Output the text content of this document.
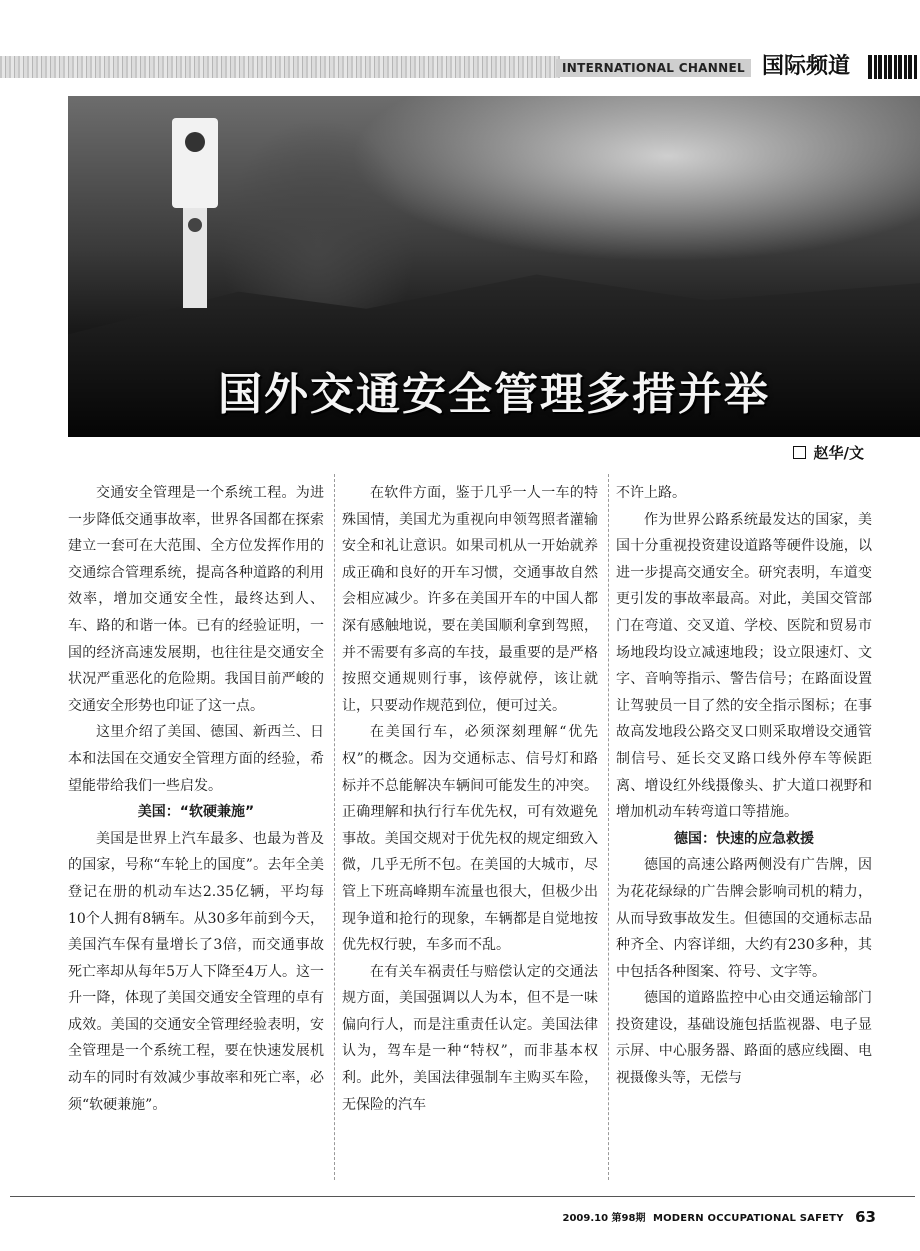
INTERNATIONAL CHANNEL 国际频道
国外交通安全管理多措并举
赵华/文

交通安全管理是一个系统工程。为进一步降低交通事故率，世界各国都在探索建立一套可在大范围、全方位发挥作用的交通综合管理系统，提高各种道路的利用效率，增加交通安全性，最终达到人、车、路的和谐一体。已有的经验证明，一国的经济高速发展期，也往往是交通安全状况严重恶化的危险期。我国目前严峻的交通安全形势也印证了这一点。

这里介绍了美国、德国、新西兰、日本和法国在交通安全管理方面的经验，希望能带给我们一些启发。

美国：“软硬兼施”

美国是世界上汽车最多、也最为普及的国家，号称“车轮上的国度”。去年全美登记在册的机动车达2.35亿辆，平均每10个人拥有8辆车。从30多年前到今天，美国汽车保有量增长了3倍，而交通事故死亡率却从每年5万人下降至4万人。这一升一降，体现了美国交通安全管理的卓有成效。美国的交通安全管理经验表明，安全管理是一个系统工程，要在快速发展机动车的同时有效减少事故率和死亡率，必须“软硬兼施”。

在软件方面，鉴于几乎一人一车的特殊国情，美国尤为重视向申领驾照者灌输安全和礼让意识。如果司机从一开始就养成正确和良好的开车习惯，交通事故自然会相应减少。许多在美国开车的中国人都深有感触地说，要在美国顺利拿到驾照，并不需要有多高的车技，最重要的是严格按照交通规则行事，该停就停，该让就让，只要动作规范到位，便可过关。

在美国行车，必须深刻理解“优先权”的概念。因为交通标志、信号灯和路标并不总能解决车辆间可能发生的冲突。正确理解和执行行车优先权，可有效避免事故。美国交规对于优先权的规定细致入微，几乎无所不包。在美国的大城市，尽管上下班高峰期车流量也很大，但极少出现争道和抢行的现象，车辆都是自觉地按优先权行驶，车多而不乱。

在有关车祸责任与赔偿认定的交通法规方面，美国强调以人为本，但不是一味偏向行人，而是注重责任认定。美国法律认为，驾车是一种“特权”，而非基本权利。此外，美国法律强制车主购买车险，无保险的汽车

不许上路。

作为世界公路系统最发达的国家，美国十分重视投资建设道路等硬件设施，以进一步提高交通安全。研究表明，车道变更引发的事故率最高。对此，美国交管部门在弯道、交叉道、学校、医院和贸易市场地段均设立减速地段；设立限速灯、文字、音响等指示、警告信号；在路面设置让驾驶员一目了然的安全指示图标；在事故高发地段公路交叉口则采取增设交通管制信号、延长交叉路口线外停车等候距离、增设红外线摄像头、扩大道口视野和增加机动车转弯道口等措施。

德国：快速的应急救援

德国的高速公路两侧没有广告牌，因为花花绿绿的广告牌会影响司机的精力，从而导致事故发生。但德国的交通标志品种齐全、内容详细，大约有230多种，其中包括各种图案、符号、文字等。

德国的道路监控中心由交通运输部门投资建设，基础设施包括监视器、电子显示屏、中心服务器、路面的感应线圈、电视摄像头等，无偿与

2009.10 第98期 MODERN OCCUPATIONAL SAFETY 63
